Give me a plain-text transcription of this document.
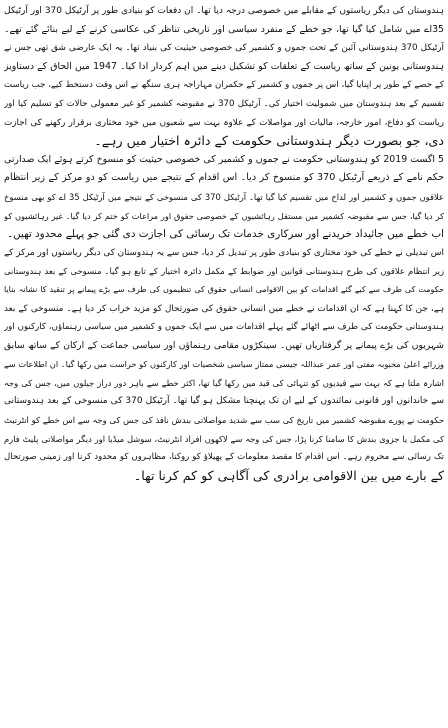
ہندوستان کی دیگر ریاستوں کے مقابلے میں خصوصی درجہ دیا تھا۔ ان دفعات کو بنیادی طور پر آرٹیکل 370 اور آرٹیکل
35اے میں شامل کیا گیا تھا، جو خطے کے منفرد سیاسی اور تاریخی تناظر کی عکاسی کرنے کے لیے بنائے گئے تھے۔
آرٹیکل 370 ہندوستانی آئین کے تحت جموں و کشمیر کی خصوصی حیثیت کی بنیاد تھا۔ یہ ایک عارضی شق تھی جس نے
ہندوستانی یونین کے ساتھ ریاست کے تعلقات کو تشکیل دینے میں اہم کردار ادا کیا۔ 1947 میں الحاق کے دستاویز
کے حصے کے طور پر اپنایا گیا، اس پر جموں و کشمیر کے حکمران مہاراجہ ہری سنگھ نے اس وقت دستخط کیے، جب ریاست
تقسیم کے بعد ہندوستان میں شمولیت اختیار کی۔ آرٹیکل 370 نے مقبوضہ کشمیر کو غیر معمولی حالات کو تسلیم کیا اور
ریاست کو دفاع، امور خارجہ، مالیات اور مواصلات کے علاوہ بہت سے شعبوں میں خود مختاری برقرار رکھنے کی اجازت
دی، جو بصورت دیگر ہندوستانی حکومت کے دائرہ اختیار میں رہے۔
5 اگست 2019 کو ہندوستانی حکومت نے جموں و کشمیر کی خصوصی حیثیت کو منسوخ کرتے ہوئے ایک صدارتی
حکم نامے کے ذریعے آرٹیکل 370 کو منسوخ کر دیا۔ اس اقدام کے نتیجے میں ریاست کو دو مرکز کے زیر انتظام
علاقوں جموں و کشمیر اور لداخ میں تقسیم کیا گیا تھا۔ آرٹیکل 370 کی منسوخی کے نتیجے میں آرٹیکل 35 اے کو بھی منسوخ
کر دیا گیا، جس سے مقبوضہ کشمیر میں مستقل رہائشیوں کے خصوصی حقوق اور مراعات کو ختم کر دیا گیا۔ غیر رہائشیوں کو
اب خطے میں جائیداد خریدنے اور سرکاری خدمات تک رسائی کی اجازت دی گئی جو پہلے محدود تھیں۔
اس تبدیلی نے خطے کی خود مختاری کو بنیادی طور پر تبدیل کر دیا، جس سے یہ ہندوستان کی دیگر ریاستوں اور مرکز کے
زیر انتظام علاقوں کی طرح ہندوستانی قوانین اور ضوابط کے مکمل دائرہ اختیار کے تابع ہو گیا۔ منسوخی کے بعد ہندوستانی
حکومت کی طرف سے کیے گئے اقدامات کو بین الاقوامی انسانی حقوق کی تنظیموں کی طرف سے بڑے پیمانے پر تنقید کا نشانہ بنایا
ہے، جن کا کہنا ہے کہ ان اقدامات نے خطے میں انسانی حقوق کی صورتحال کو مزید خراب کر دیا ہے۔ منسوخی کے بعد
ہندوستانی حکومت کی طرف سے اٹھائے گئے پہلے اقدامات میں سے ایک جموں و کشمیر میں سیاسی رہنماؤں، کارکنوں اور
شہریوں کی بڑے پیمانے پر گرفتاریاں تھیں۔ سینکڑوں مقامی رہنماؤں اور سیاسی جماعت کے ارکان کے ساتھ سابق
وزرائے اعلیٰ محبوبہ مفتی اور عمر عبداللہ جیسی ممتاز سیاسی شخصیات اور کارکنوں کو حراست میں رکھا گیا۔ ان اطلاعات سے
اشارہ ملتا ہے کہ بہت سے قیدیوں کو تنہائی کی قید میں رکھا گیا تھا، اکثر خطے سے باہر دور دراز جیلوں میں، جس کی وجہ
سے خاندانوں اور قانونی نمائندوں کے لیے ان تک پہنچنا مشکل ہو گیا تھا۔ آرٹیکل 370 کی منسوخی کے بعد ہندوستانی
حکومت نے پورے مقبوضہ کشمیر میں تاریخ کی سب سے شدید مواصلاتی بندش نافذ کی جس کی وجہ سے اس خطے کو انٹرنیٹ
کی مکمل یا جزوی بندش کا سامنا کرنا پڑا، جس کی وجہ سے لاکھوں افراد انٹرنیٹ، سوشل میڈیا اور دیگر مواصلاتی پلیٹ فارم
تک رسائی سے محروم رہے۔ اس اقدام کا مقصد معلومات کے پھیلاؤ کو روکنا، مظاہروں کو محدود کرنا اور زمینی صورتحال
کے بارے میں بین الاقوامی برادری کی آگاہی کو کم کرنا تھا۔
